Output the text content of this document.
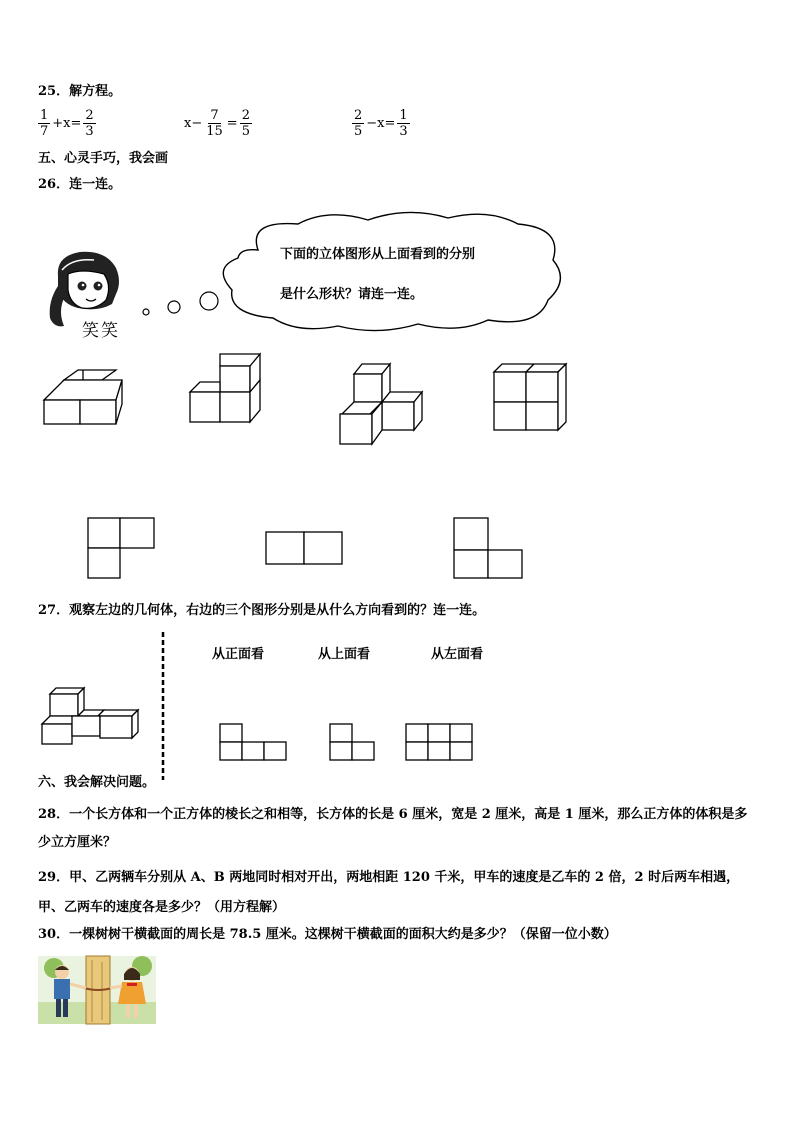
25．解方程。
$\frac{1}{7} +x= \frac{2}{3}$	$x- \frac{7}{15} = \frac{2}{5}$	$\frac{2}{5} -x= \frac{1}{3}$
五、心灵手巧，我会画
26．连一连。
笑笑
下面的立体图形从上面看到的分别
是什么形状？请连一连。
27．观察左边的几何体，右边的三个图形分别是从什么方向看到的？连一连。
从正面看	从上面看	从左面看
六、我会解决问题。
28．一个长方体和一个正方体的棱长之和相等，长方体的长是 6 厘米，宽是 2 厘米，高是 1 厘米，那么正方体的体积是多少立方厘米？
29．甲、乙两辆车分别从 A、B 两地同时相对开出，两地相距 120 千米，甲车的速度是乙车的 2 倍，2 时后两车相遇，甲、乙两车的速度各是多少？（用方程解）
30．一棵树树干横截面的周长是 78.5 厘米。这棵树干横截面的面积大约是多少？（保留一位小数）
